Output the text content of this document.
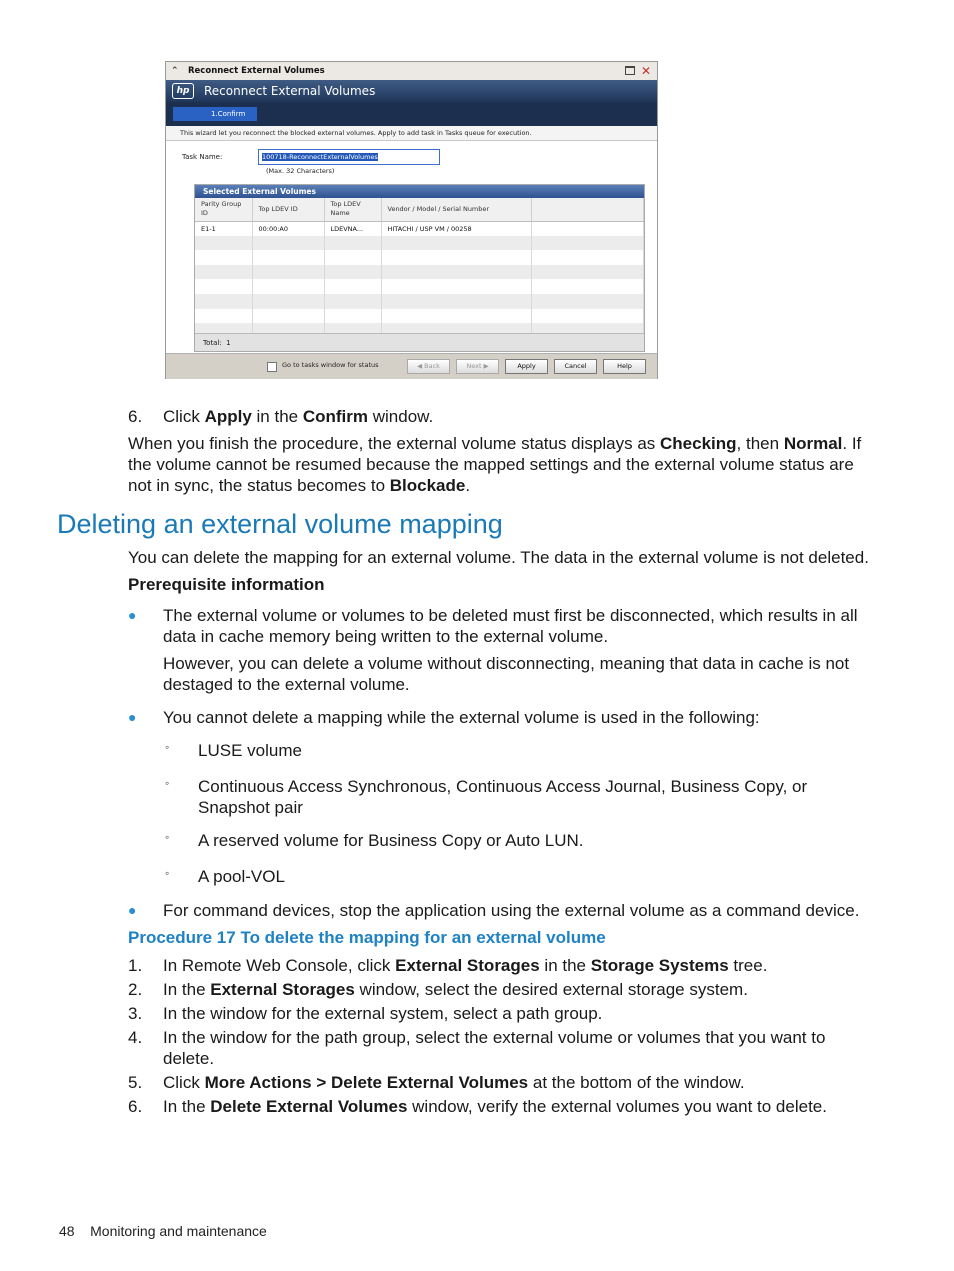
⌃ Reconnect External Volumes	✕
hp	Reconnect External Volumes
1.Confirm
This wizard let you reconnect the blocked external volumes. Apply to add task in Tasks queue for execution.
Task Name:	100718-ReconnectExternalVolumes
(Max. 32 Characters)
Selected External Volumes
Parity Group ID	Top LDEV ID	Top LDEV Name	Vendor / Model / Serial Number	
E1-1	00:00:A0	LDEVNA...	HITACHI / USP VM / 00258	

Total: 1
Go to tasks window for status	◀ Back	Next ▶	Apply	Cancel	Help
6. Click Apply in the Confirm window.
When you finish the procedure, the external volume status displays as Checking, then Normal. If the volume cannot be resumed because the mapped settings and the external volume status are not in sync, the status becomes to Blockade.
Deleting an external volume mapping
You can delete the mapping for an external volume. The data in the external volume is not deleted.
Prerequisite information
● The external volume or volumes to be deleted must first be disconnected, which results in all data in cache memory being written to the external volume.
However, you can delete a volume without disconnecting, meaning that data in cache is not destaged to the external volume.
● You cannot delete a mapping while the external volume is used in the following:
◦ LUSE volume
◦ Continuous Access Synchronous, Continuous Access Journal, Business Copy, or Snapshot pair
◦ A reserved volume for Business Copy or Auto LUN.
◦ A pool-VOL
● For command devices, stop the application using the external volume as a command device.
Procedure 17 To delete the mapping for an external volume
1. In Remote Web Console, click External Storages in the Storage Systems tree.
2. In the External Storages window, select the desired external storage system.
3. In the window for the external system, select a path group.
4. In the window for the path group, select the external volume or volumes that you want to delete.
5. Click More Actions > Delete External Volumes at the bottom of the window.
6. In the Delete External Volumes window, verify the external volumes you want to delete.
48 Monitoring and maintenance
